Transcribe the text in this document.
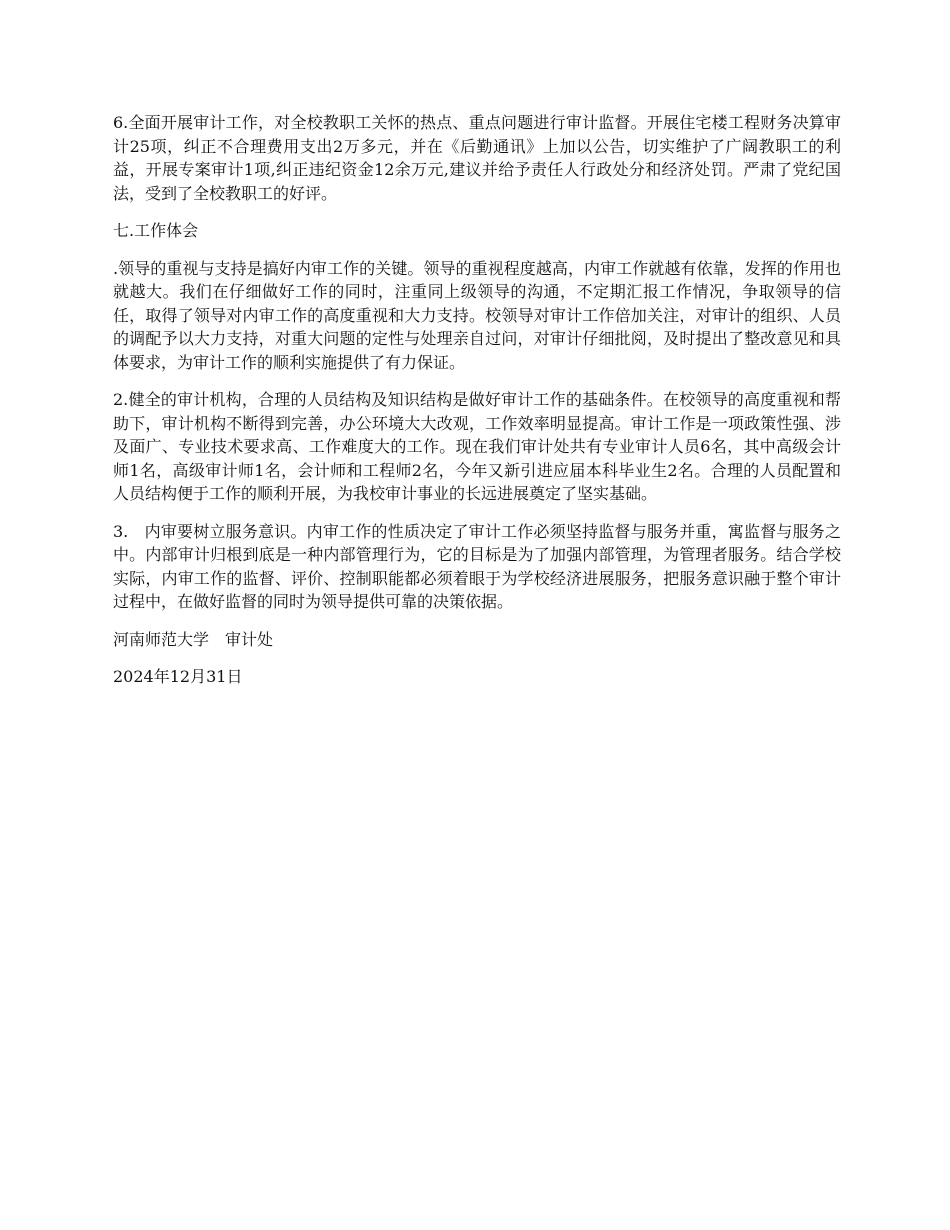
6.全面开展审计工作，对全校教职工关怀的热点、重点问题进行审计监督。开展住宅楼工程财务决算审计25项，纠正不合理费用支出2万多元，并在《后勤通讯》上加以公告，切实维护了广阔教职工的利益，开展专案审计1项,纠正违纪资金12余万元,建议并给予责任人行政处分和经济处罚。严肃了党纪国法，受到了全校教职工的好评。

七.工作体会

.领导的重视与支持是搞好内审工作的关键。领导的重视程度越高，内审工作就越有依靠，发挥的作用也就越大。我们在仔细做好工作的同时，注重同上级领导的沟通，不定期汇报工作情况，争取领导的信任，取得了领导对内审工作的高度重视和大力支持。校领导对审计工作倍加关注，对审计的组织、人员的调配予以大力支持，对重大问题的定性与处理亲自过问，对审计仔细批阅，及时提出了整改意见和具体要求，为审计工作的顺利实施提供了有力保证。

2.健全的审计机构，合理的人员结构及知识结构是做好审计工作的基础条件。在校领导的高度重视和帮助下，审计机构不断得到完善，办公环境大大改观，工作效率明显提高。审计工作是一项政策性强、涉及面广、专业技术要求高、工作难度大的工作。现在我们审计处共有专业审计人员6名，其中高级会计师1名，高级审计师1名，会计师和工程师2名，今年又新引进应届本科毕业生2名。合理的人员配置和人员结构便于工作的顺利开展，为我校审计事业的长远进展奠定了坚实基础。

3.　内审要树立服务意识。内审工作的性质决定了审计工作必须坚持监督与服务并重，寓监督与服务之中。内部审计归根到底是一种内部管理行为，它的目标是为了加强内部管理，为管理者服务。结合学校实际，内审工作的监督、评价、控制职能都必须着眼于为学校经济进展服务，把服务意识融于整个审计过程中，在做好监督的同时为领导提供可靠的决策依据。

河南师范大学　审计处

2024年12月31日
